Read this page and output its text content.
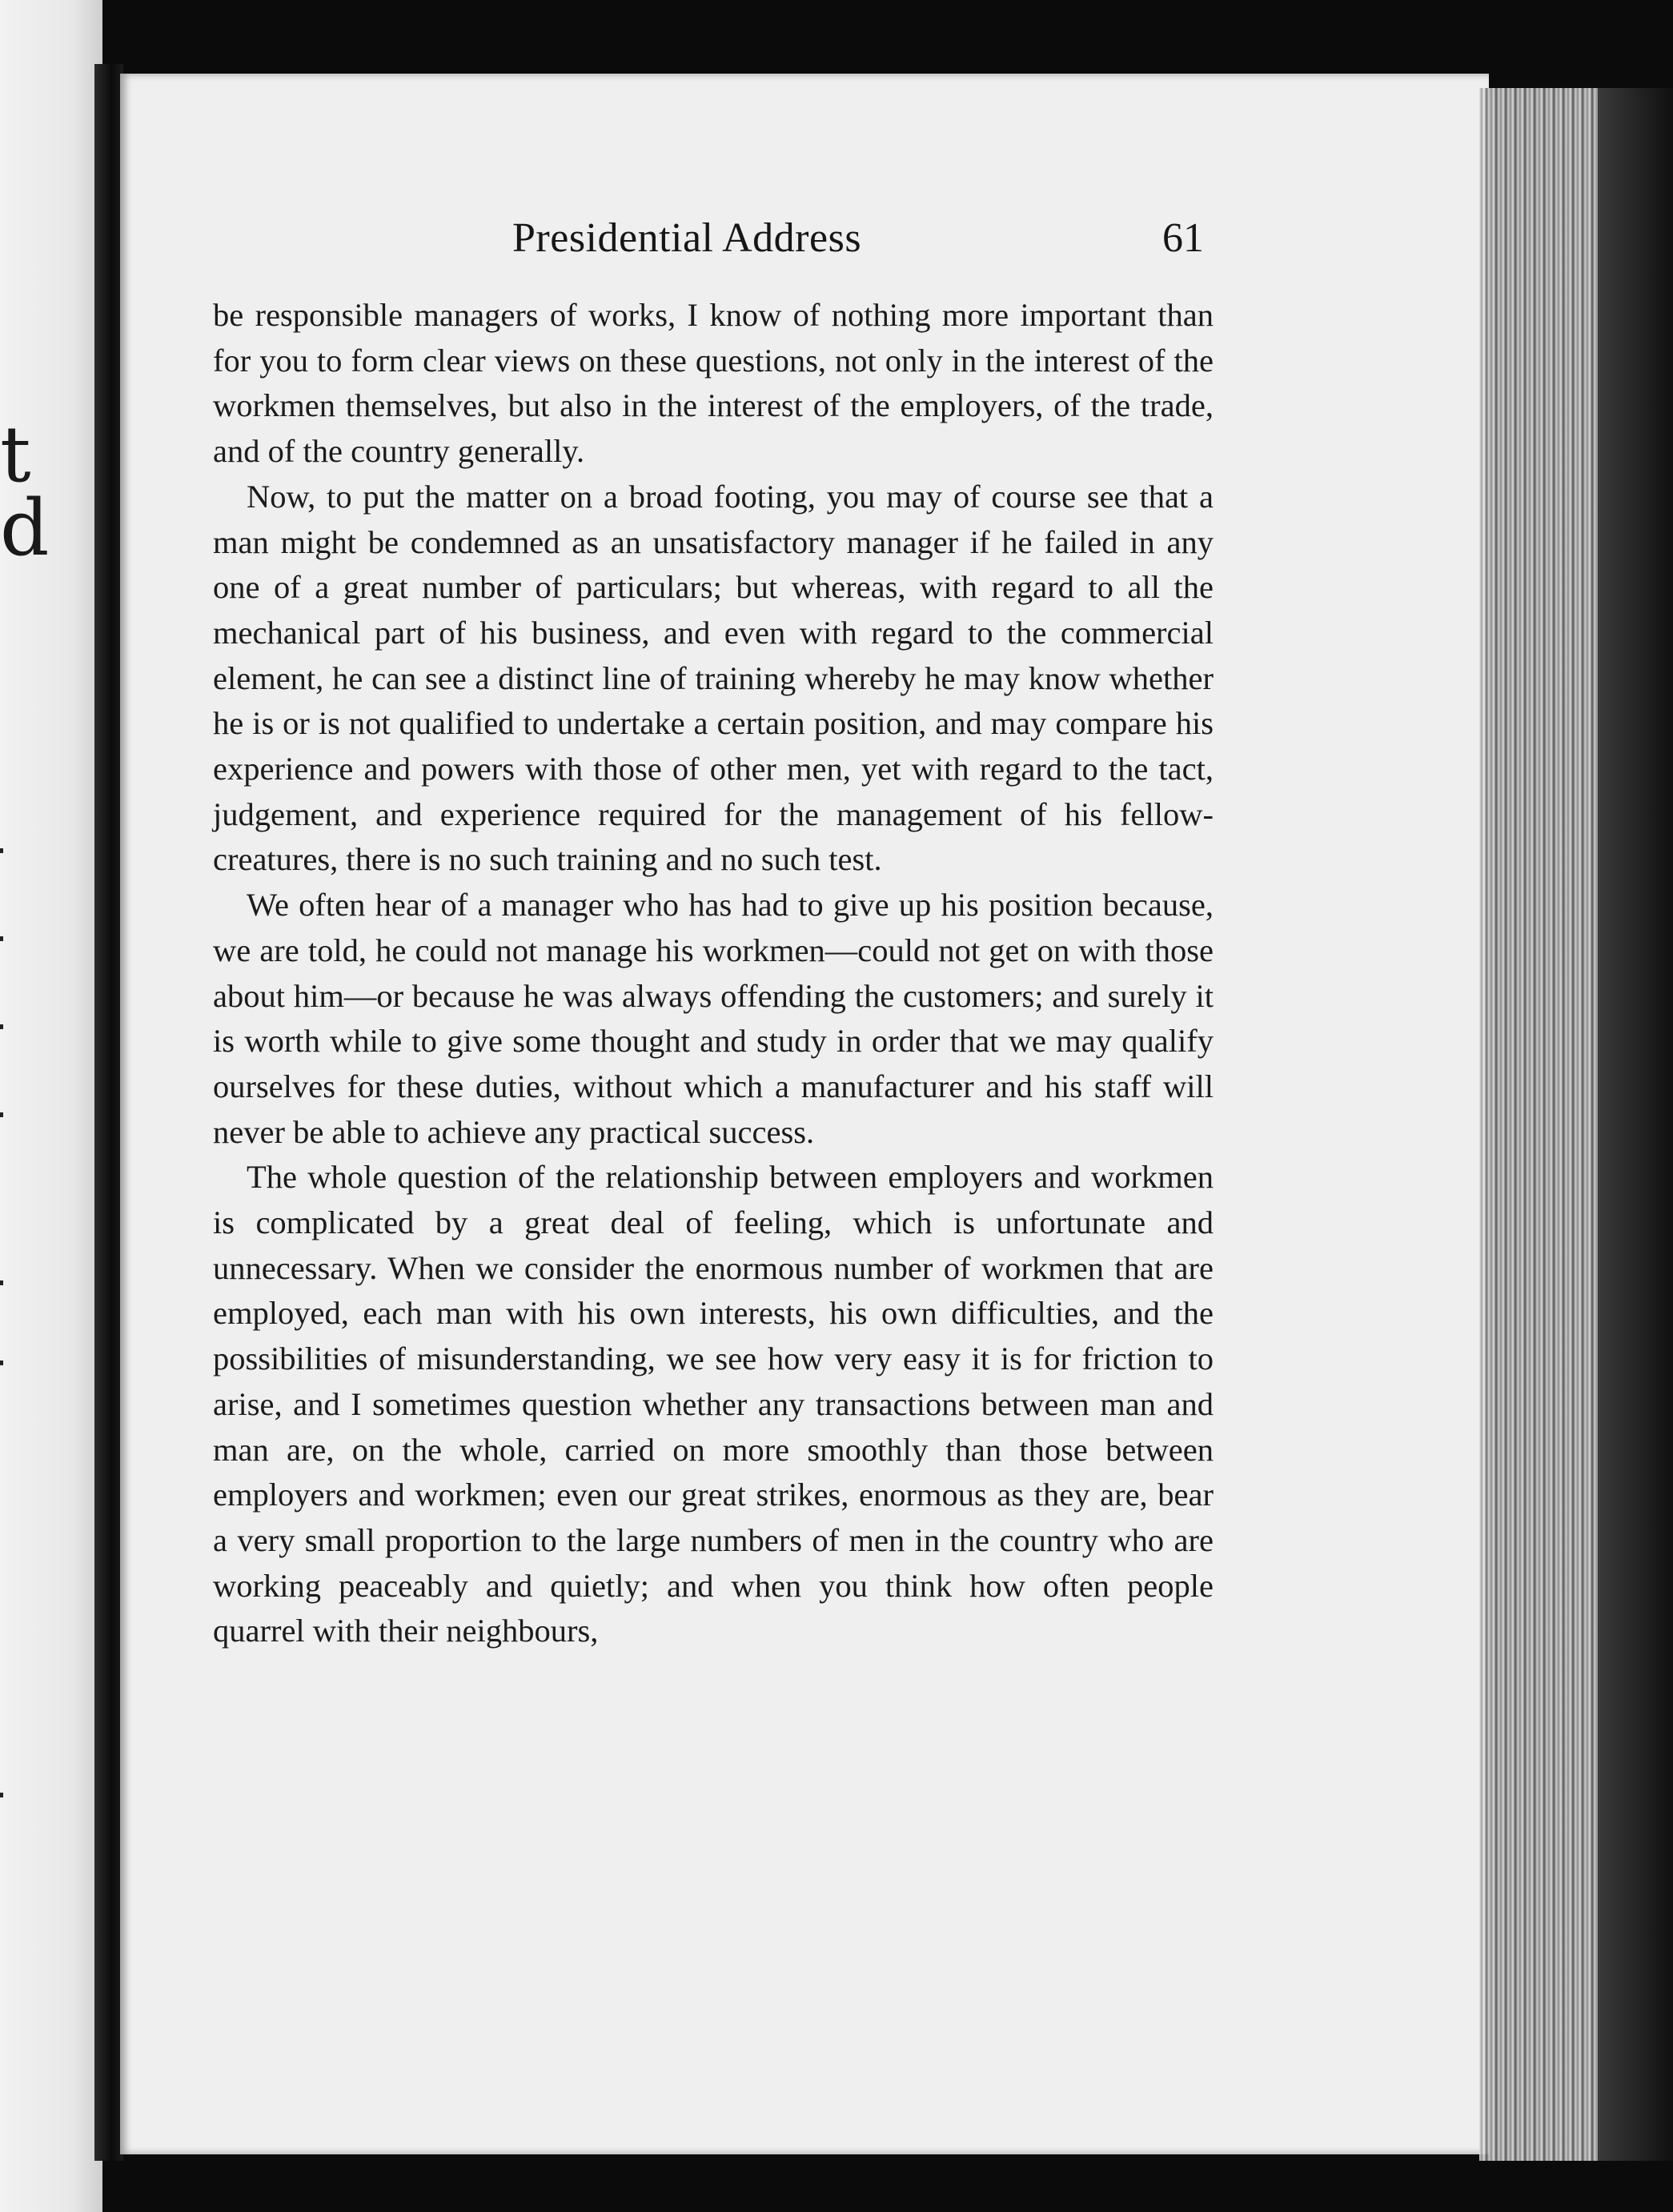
t
d
Presidential Address	61

be responsible managers of works, I know of nothing more important than for you to form clear views on these questions, not only in the interest of the workmen themselves, but also in the interest of the employers, of the trade, and of the country generally.

Now, to put the matter on a broad footing, you may of course see that a man might be condemned as an unsatisfactory manager if he failed in any one of a great number of particulars; but whereas, with regard to all the mechanical part of his business, and even with regard to the commercial element, he can see a distinct line of training whereby he may know whether he is or is not qualified to undertake a certain position, and may compare his experience and powers with those of other men, yet with regard to the tact, judgement, and experience required for the management of his fellow-creatures, there is no such training and no such test.

We often hear of a manager who has had to give up his position because, we are told, he could not manage his workmen—could not get on with those about him—or because he was always offending the customers; and surely it is worth while to give some thought and study in order that we may qualify ourselves for these duties, without which a manufacturer and his staff will never be able to achieve any practical success.

The whole question of the relationship between employers and workmen is complicated by a great deal of feeling, which is unfortunate and unnecessary. When we consider the enormous number of workmen that are employed, each man with his own interests, his own difficulties, and the possibilities of misunderstanding, we see how very easy it is for friction to arise, and I sometimes question whether any transactions between man and man are, on the whole, carried on more smoothly than those between employers and workmen; even our great strikes, enormous as they are, bear a very small proportion to the large numbers of men in the country who are working peaceably and quietly; and when you think how often people quarrel with their neighbours,
